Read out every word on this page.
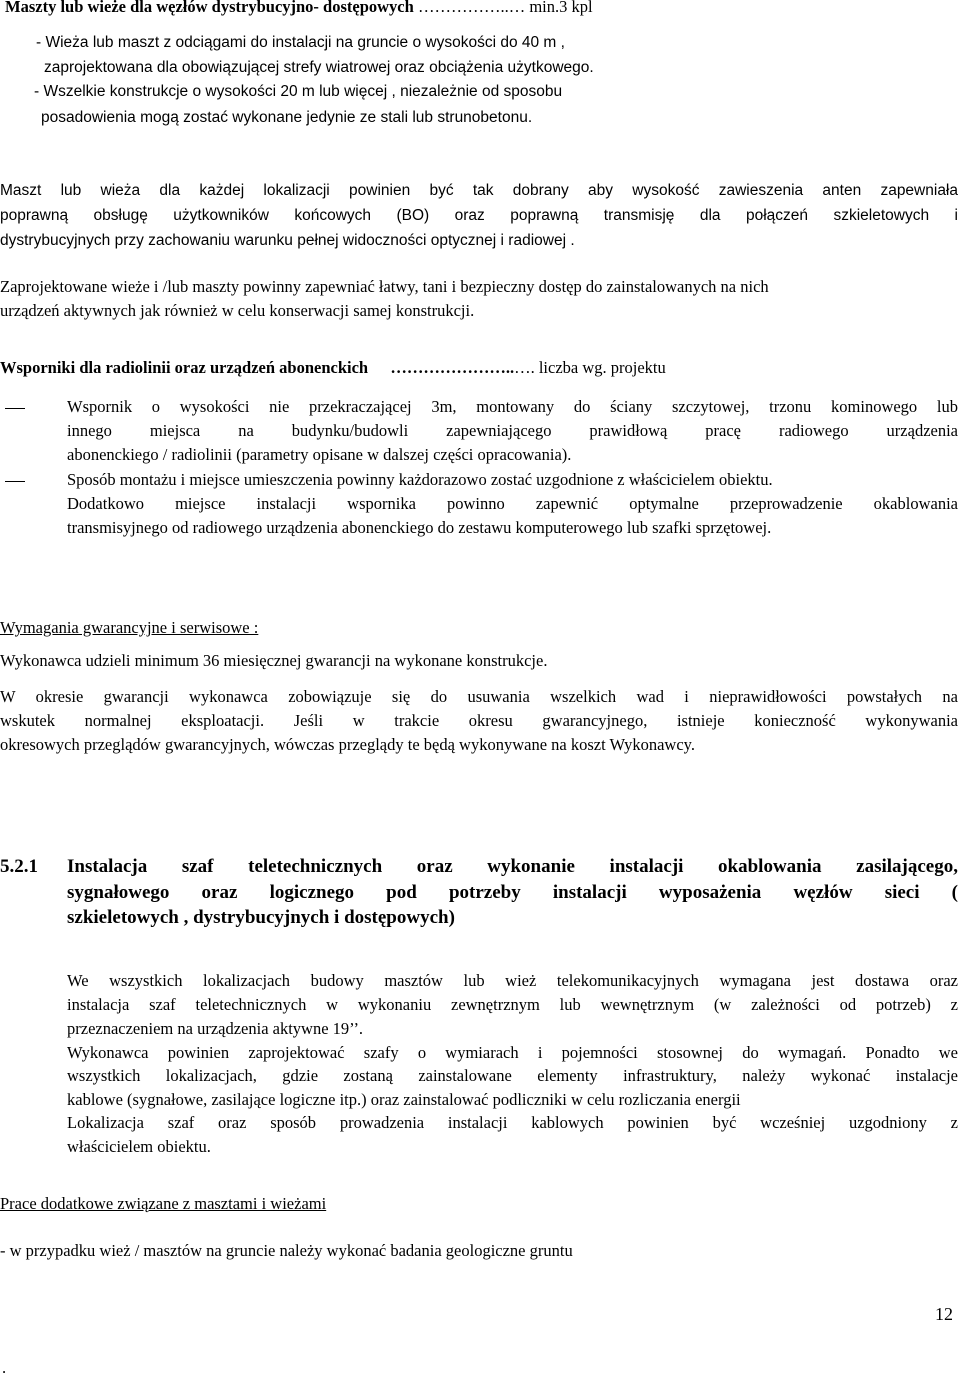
Maszty lub wieże dla węzłów dystrybucyjno- dostępowych ……………..… min.3 kpl
- Wieża lub maszt z odciągami do instalacji na gruncie o wysokości do 40 m ,
zaprojektowana dla obowiązującej strefy wiatrowej oraz obciążenia użytkowego.
- Wszelkie konstrukcje o wysokości 20 m lub więcej , niezależnie od sposobu
posadowienia mogą zostać wykonane jedynie ze stali lub strunobetonu.
Maszt lub wieża dla każdej lokalizacji powinien być tak dobrany aby wysokość zawieszenia anten zapewniała
poprawną obsługę użytkowników końcowych (BO) oraz poprawną transmisję dla połączeń szkieletowych i
dystrybucyjnych przy zachowaniu warunku pełnej widoczności optycznej i radiowej .
Zaprojektowane wieże i /lub maszty powinny zapewniać łatwy, tani i bezpieczny dostęp do zainstalowanych na nich
urządzeń aktywnych jak również w celu konserwacji samej konstrukcji.
Wsporniki dla radiolinii oraz urządzeń abonenckich …………………..…. liczba wg. projektu
Wspornik o wysokości nie przekraczającej 3m, montowany do ściany szczytowej, trzonu kominowego lub
innego miejsca na budynku/budowli zapewniającego prawidłową pracę radiowego urządzenia
abonenckiego / radiolinii (parametry opisane w dalszej części opracowania).
Sposób montażu i miejsce umieszczenia powinny każdorazowo zostać uzgodnione z właścicielem obiektu.
Dodatkowo miejsce instalacji wspornika powinno zapewnić optymalne przeprowadzenie okablowania
transmisyjnego od radiowego urządzenia abonenckiego do zestawu komputerowego lub szafki sprzętowej.
Wymagania gwarancyjne i serwisowe :
Wykonawca udzieli minimum 36 miesięcznej gwarancji na wykonane konstrukcje.
W okresie gwarancji wykonawca zobowiązuje się do usuwania wszelkich wad i nieprawidłowości powstałych na
wskutek normalnej eksploatacji. Jeśli w trakcie okresu gwarancyjnego, istnieje konieczność wykonywania
okresowych przeglądów gwarancyjnych, wówczas przeglądy te będą wykonywane na koszt Wykonawcy.
5.2.1 Instalacja szaf teletechnicznych oraz wykonanie instalacji okablowania zasilającego,
sygnałowego oraz logicznego pod potrzeby instalacji wyposażenia węzłów sieci (
szkieletowych , dystrybucyjnych i dostępowych)
We wszystkich lokalizacjach budowy masztów lub wież telekomunikacyjnych wymagana jest dostawa oraz
instalacja szaf teletechnicznych w wykonaniu zewnętrznym lub wewnętrznym (w zależności od potrzeb) z
przeznaczeniem na urządzenia aktywne 19’’.
Wykonawca powinien zaprojektować szafy o wymiarach i pojemności stosownej do wymagań. Ponadto we
wszystkich lokalizacjach, gdzie zostaną zainstalowane elementy infrastruktury, należy wykonać instalacje
kablowe (sygnałowe, zasilające logiczne itp.) oraz zainstalować podliczniki w celu rozliczania energii
Lokalizacja szaf oraz sposób prowadzenia instalacji kablowych powinien być wcześniej uzgodniony z
właścicielem obiektu.
Prace dodatkowe związane z masztami i wieżami
- w przypadku wież / masztów na gruncie należy wykonać badania geologiczne gruntu
12
.
